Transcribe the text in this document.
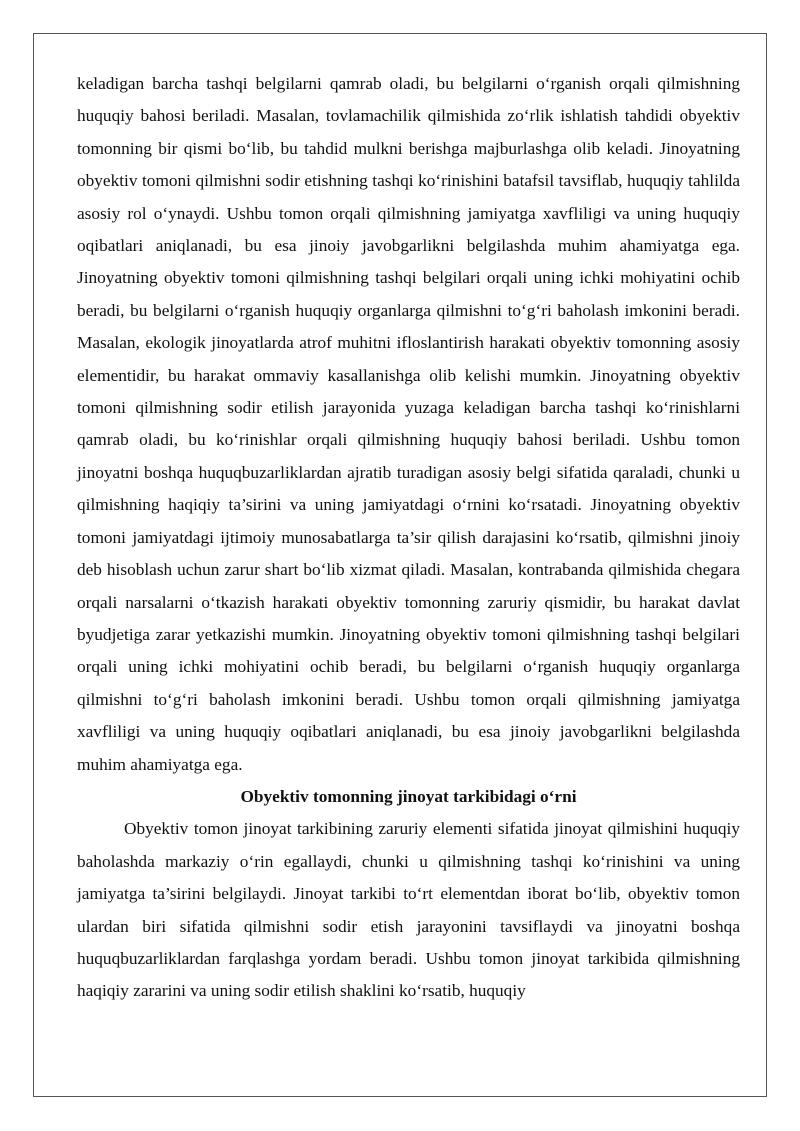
keladigan barcha tashqi belgilarni qamrab oladi, bu belgilarni o‘rganish orqali qilmishning huquqiy bahosi beriladi. Masalan, tovlamachilik qilmishida zo‘rlik ishlatish tahdidi obyektiv tomonning bir qismi bo‘lib, bu tahdid mulkni berishga majburlashga olib keladi. Jinoyatning obyektiv tomoni qilmishni sodir etishning tashqi ko‘rinishini batafsil tavsiflab, huquqiy tahlilda asosiy rol o‘ynaydi. Ushbu tomon orqali qilmishning jamiyatga xavfliligi va uning huquqiy oqibatlari aniqlanadi, bu esa jinoiy javobgarlikni belgilashda muhim ahamiyatga ega. Jinoyatning obyektiv tomoni qilmishning tashqi belgilari orqali uning ichki mohiyatini ochib beradi, bu belgilarni o‘rganish huquqiy organlarga qilmishni to‘g‘ri baholash imkonini beradi. Masalan, ekologik jinoyatlarda atrof muhitni ifloslantirish harakati obyektiv tomonning asosiy elementidir, bu harakat ommaviy kasallanishga olib kelishi mumkin. Jinoyatning obyektiv tomoni qilmishning sodir etilish jarayonida yuzaga keladigan barcha tashqi ko‘rinishlarni qamrab oladi, bu ko‘rinishlar orqali qilmishning huquqiy bahosi beriladi. Ushbu tomon jinoyatni boshqa huquqbuzarliklardan ajratib turadigan asosiy belgi sifatida qaraladi, chunki u qilmishning haqiqiy ta’sirini va uning jamiyatdagi o‘rnini ko‘rsatadi. Jinoyatning obyektiv tomoni jamiyatdagi ijtimoiy munosabatlarga ta’sir qilish darajasini ko‘rsatib, qilmishni jinoiy deb hisoblash uchun zarur shart bo‘lib xizmat qiladi. Masalan, kontrabanda qilmishida chegara orqali narsalarni o‘tkazish harakati obyektiv tomonning zaruriy qismidir, bu harakat davlat byudjetiga zarar yetkazishi mumkin. Jinoyatning obyektiv tomoni qilmishning tashqi belgilari orqali uning ichki mohiyatini ochib beradi, bu belgilarni o‘rganish huquqiy organlarga qilmishni to‘g‘ri baholash imkonini beradi. Ushbu tomon orqali qilmishning jamiyatga xavfliligi va uning huquqiy oqibatlari aniqlanadi, bu esa jinoiy javobgarlikni belgilashda muhim ahamiyatga ega.

Obyektiv tomonning jinoyat tarkibidagi o‘rni

Obyektiv tomon jinoyat tarkibining zaruriy elementi sifatida jinoyat qilmishini huquqiy baholashda markaziy o‘rin egallaydi, chunki u qilmishning tashqi ko‘rinishini va uning jamiyatga ta’sirini belgilaydi. Jinoyat tarkibi to‘rt elementdan iborat bo‘lib, obyektiv tomon ulardan biri sifatida qilmishni sodir etish jarayonini tavsiflaydi va jinoyatni boshqa huquqbuzarliklardan farqlashga yordam beradi. Ushbu tomon jinoyat tarkibida qilmishning haqiqiy zararini va uning sodir etilish shaklini ko‘rsatib, huquqiy
